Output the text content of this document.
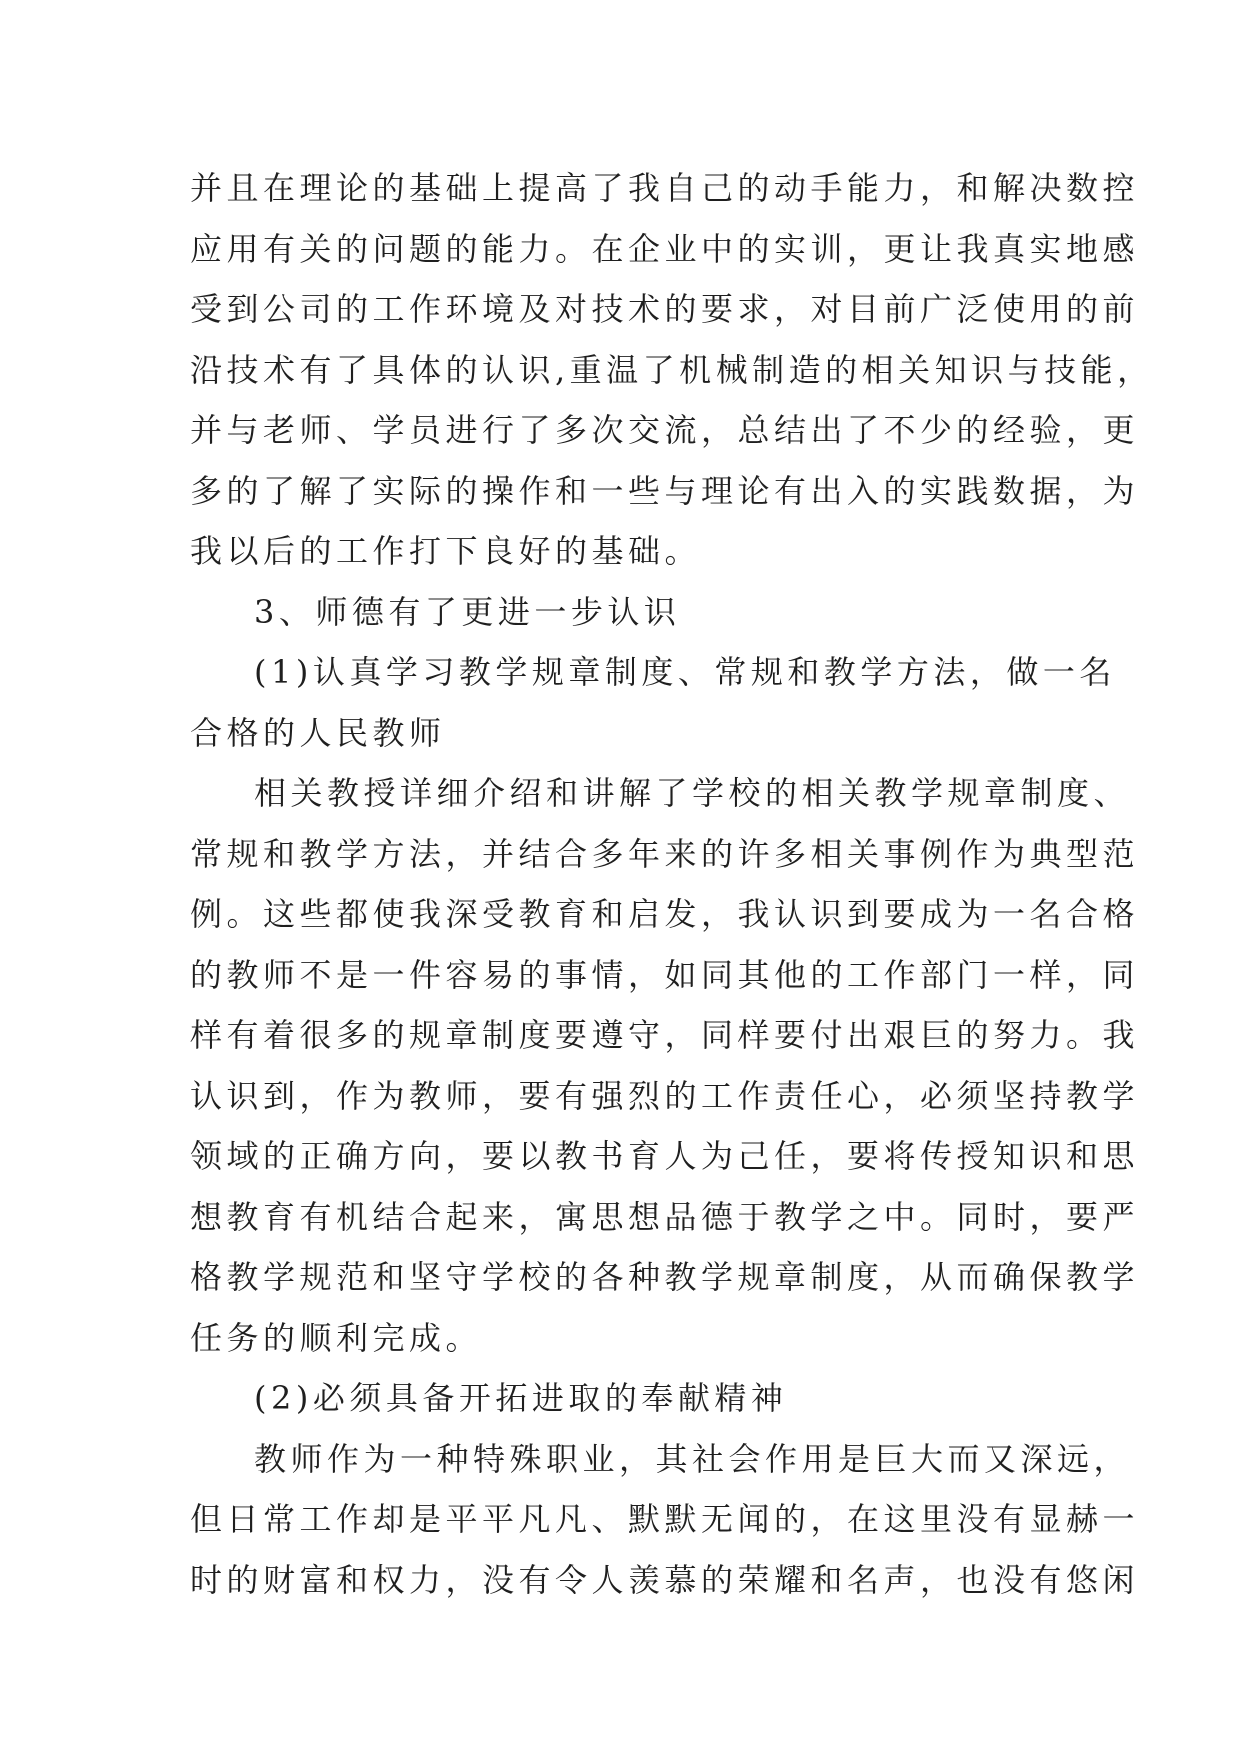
并且在理论的基础上提高了我自己的动手能力，和解决数控
应用有关的问题的能力。在企业中的实训，更让我真实地感
受到公司的工作环境及对技术的要求，对目前广泛使用的前
沿技术有了具体的认识,重温了机械制造的相关知识与技能，
并与老师、学员进行了多次交流，总结出了不少的经验，更
多的了解了实际的操作和一些与理论有出入的实践数据，为
我以后的工作打下良好的基础。
3、师德有了更进一步认识
(1)认真学习教学规章制度、常规和教学方法，做一名
合格的人民教师
相关教授详细介绍和讲解了学校的相关教学规章制度、
常规和教学方法，并结合多年来的许多相关事例作为典型范
例。这些都使我深受教育和启发，我认识到要成为一名合格
的教师不是一件容易的事情，如同其他的工作部门一样，同
样有着很多的规章制度要遵守，同样要付出艰巨的努力。我
认识到，作为教师，要有强烈的工作责任心，必须坚持教学
领域的正确方向，要以教书育人为己任，要将传授知识和思
想教育有机结合起来，寓思想品德于教学之中。同时，要严
格教学规范和坚守学校的各种教学规章制度，从而确保教学
任务的顺利完成。
(2)必须具备开拓进取的奉献精神
教师作为一种特殊职业，其社会作用是巨大而又深远，
但日常工作却是平平凡凡、默默无闻的，在这里没有显赫一
时的财富和权力，没有令人羡慕的荣耀和名声，也没有悠闲
